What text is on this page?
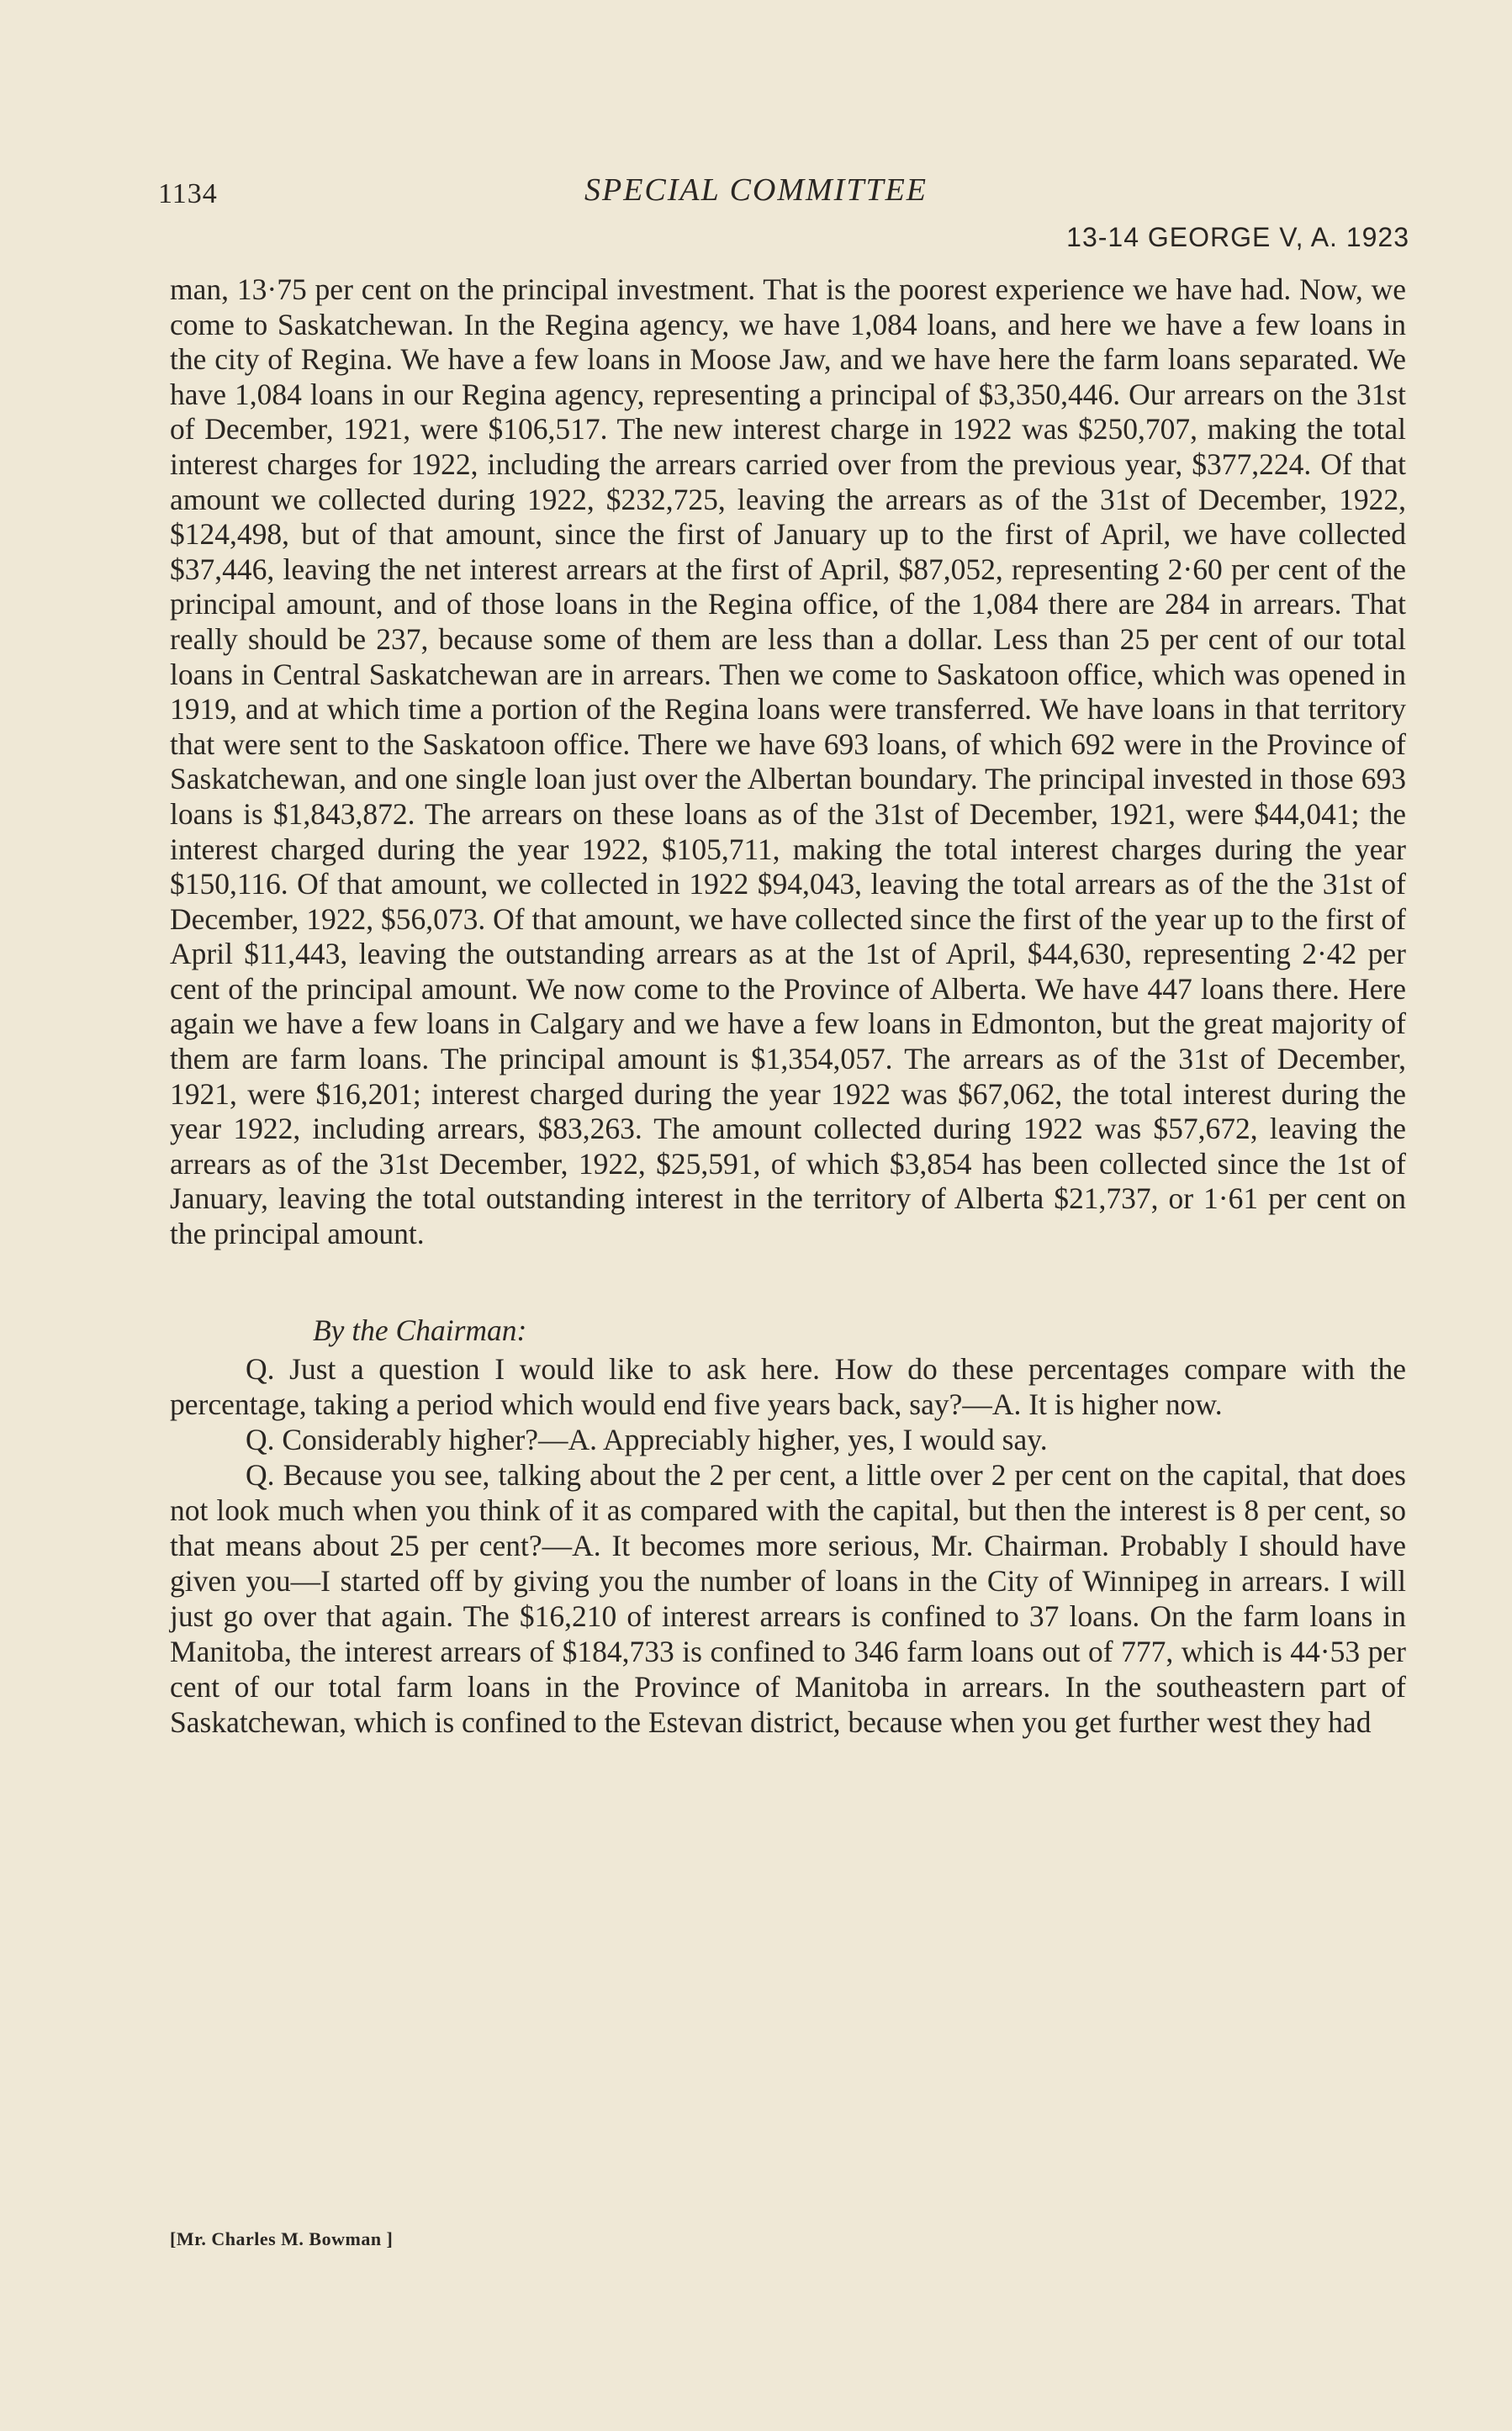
1134	SPECIAL COMMITTEE
13-14 GEORGE V, A. 1923

man, 13·75 per cent on the principal investment. That is the poorest experience we have had. Now, we come to Saskatchewan. In the Regina agency, we have 1,084 loans, and here we have a few loans in the city of Regina. We have a few loans in Moose Jaw, and we have here the farm loans separated. We have 1,084 loans in our Regina agency, representing a principal of $3,350,446. Our arrears on the 31st of December, 1921, were $106,517. The new interest charge in 1922 was $250,707, making the total interest charges for 1922, including the arrears carried over from the previous year, $377,224. Of that amount we collected during 1922, $232,725, leaving the arrears as of the 31st of December, 1922, $124,498, but of that amount, since the first of January up to the first of April, we have collected $37,446, leaving the net interest arrears at the first of April, $87,052, representing 2·60 per cent of the principal amount, and of those loans in the Regina office, of the 1,084 there are 284 in arrears. That really should be 237, because some of them are less than a dollar. Less than 25 per cent of our total loans in Central Saskatchewan are in arrears. Then we come to Saskatoon office, which was opened in 1919, and at which time a portion of the Regina loans were transferred. We have loans in that territory that were sent to the Saskatoon office. There we have 693 loans, of which 692 were in the Province of Saskatchewan, and one single loan just over the Albertan boundary. The principal invested in those 693 loans is $1,843,872. The arrears on these loans as of the 31st of December, 1921, were $44,041; the interest charged during the year 1922, $105,711, making the total interest charges during the year $150,116. Of that amount, we collected in 1922 $94,043, leaving the total arrears as of the the 31st of December, 1922, $56,073. Of that amount, we have collected since the first of the year up to the first of April $11,443, leaving the outstanding arrears as at the 1st of April, $44,630, representing 2·42 per cent of the principal amount. We now come to the Province of Alberta. We have 447 loans there. Here again we have a few loans in Calgary and we have a few loans in Edmonton, but the great majority of them are farm loans. The principal amount is $1,354,057. The arrears as of the 31st of December, 1921, were $16,201; interest charged during the year 1922 was $67,062, the total interest during the year 1922, including arrears, $83,263. The amount collected during 1922 was $57,672, leaving the arrears as of the 31st December, 1922, $25,591, of which $3,854 has been collected since the 1st of January, leaving the total outstanding interest in the territory of Alberta $21,737, or 1·61 per cent on the principal amount.

By the Chairman:

Q. Just a question I would like to ask here. How do these percentages compare with the percentage, taking a period which would end five years back, say?—A. It is higher now.

Q. Considerably higher?—A. Appreciably higher, yes, I would say.

Q. Because you see, talking about the 2 per cent, a little over 2 per cent on the capital, that does not look much when you think of it as compared with the capital, but then the interest is 8 per cent, so that means about 25 per cent?—A. It becomes more serious, Mr. Chairman. Probably I should have given you—I started off by giving you the number of loans in the City of Winnipeg in arrears. I will just go over that again. The $16,210 of interest arrears is confined to 37 loans. On the farm loans in Manitoba, the interest arrears of $184,733 is confined to 346 farm loans out of 777, which is 44·53 per cent of our total farm loans in the Province of Manitoba in arrears. In the southeastern part of Saskatchewan, which is confined to the Estevan district, because when you get further west they had

[Mr. Charles M. Bowman ]
